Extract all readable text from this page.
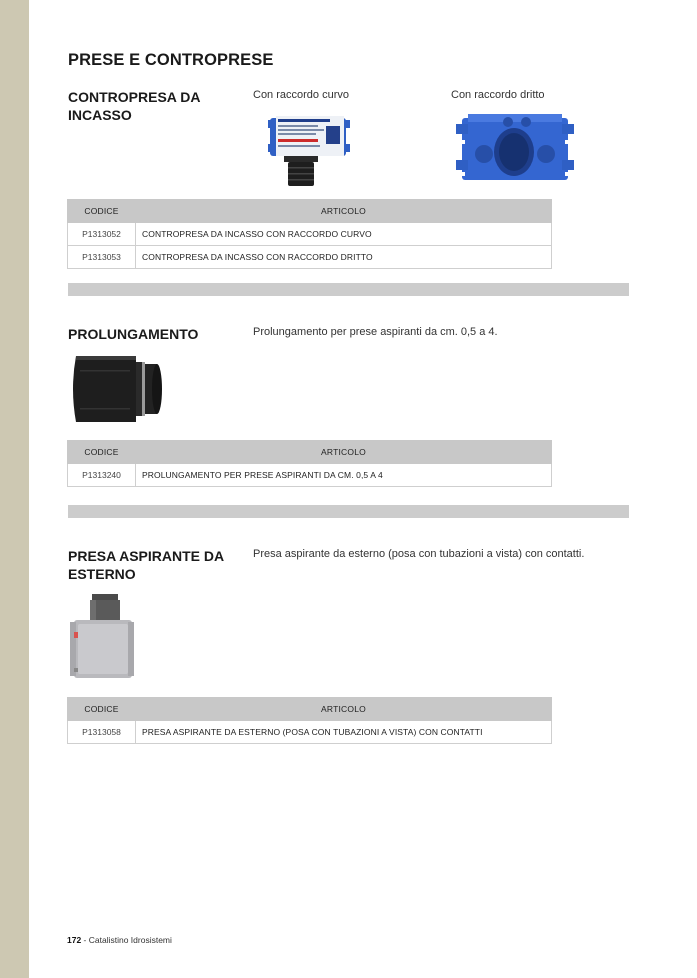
PRESE E CONTROPRESE
CONTROPRESA DA INCASSO
Con raccordo curvo	Con raccordo dritto
CODICE	ARTICOLO
P1313052	CONTROPRESA DA INCASSO CON RACCORDO CURVO
P1313053	CONTROPRESA DA INCASSO CON RACCORDO DRITTO
PROLUNGAMENTO	Prolungamento per prese aspiranti da cm. 0,5 a 4.
CODICE	ARTICOLO
P1313240	PROLUNGAMENTO PER PRESE ASPIRANTI DA CM. 0,5 A 4
PRESA ASPIRANTE DA ESTERNO
Presa aspirante da esterno (posa con tubazioni a vista) con contatti.
CODICE	ARTICOLO
P1313058	PRESA ASPIRANTE DA ESTERNO (POSA CON TUBAZIONI A VISTA) CON CONTATTI
172 - Catalistino Idrosistemi
